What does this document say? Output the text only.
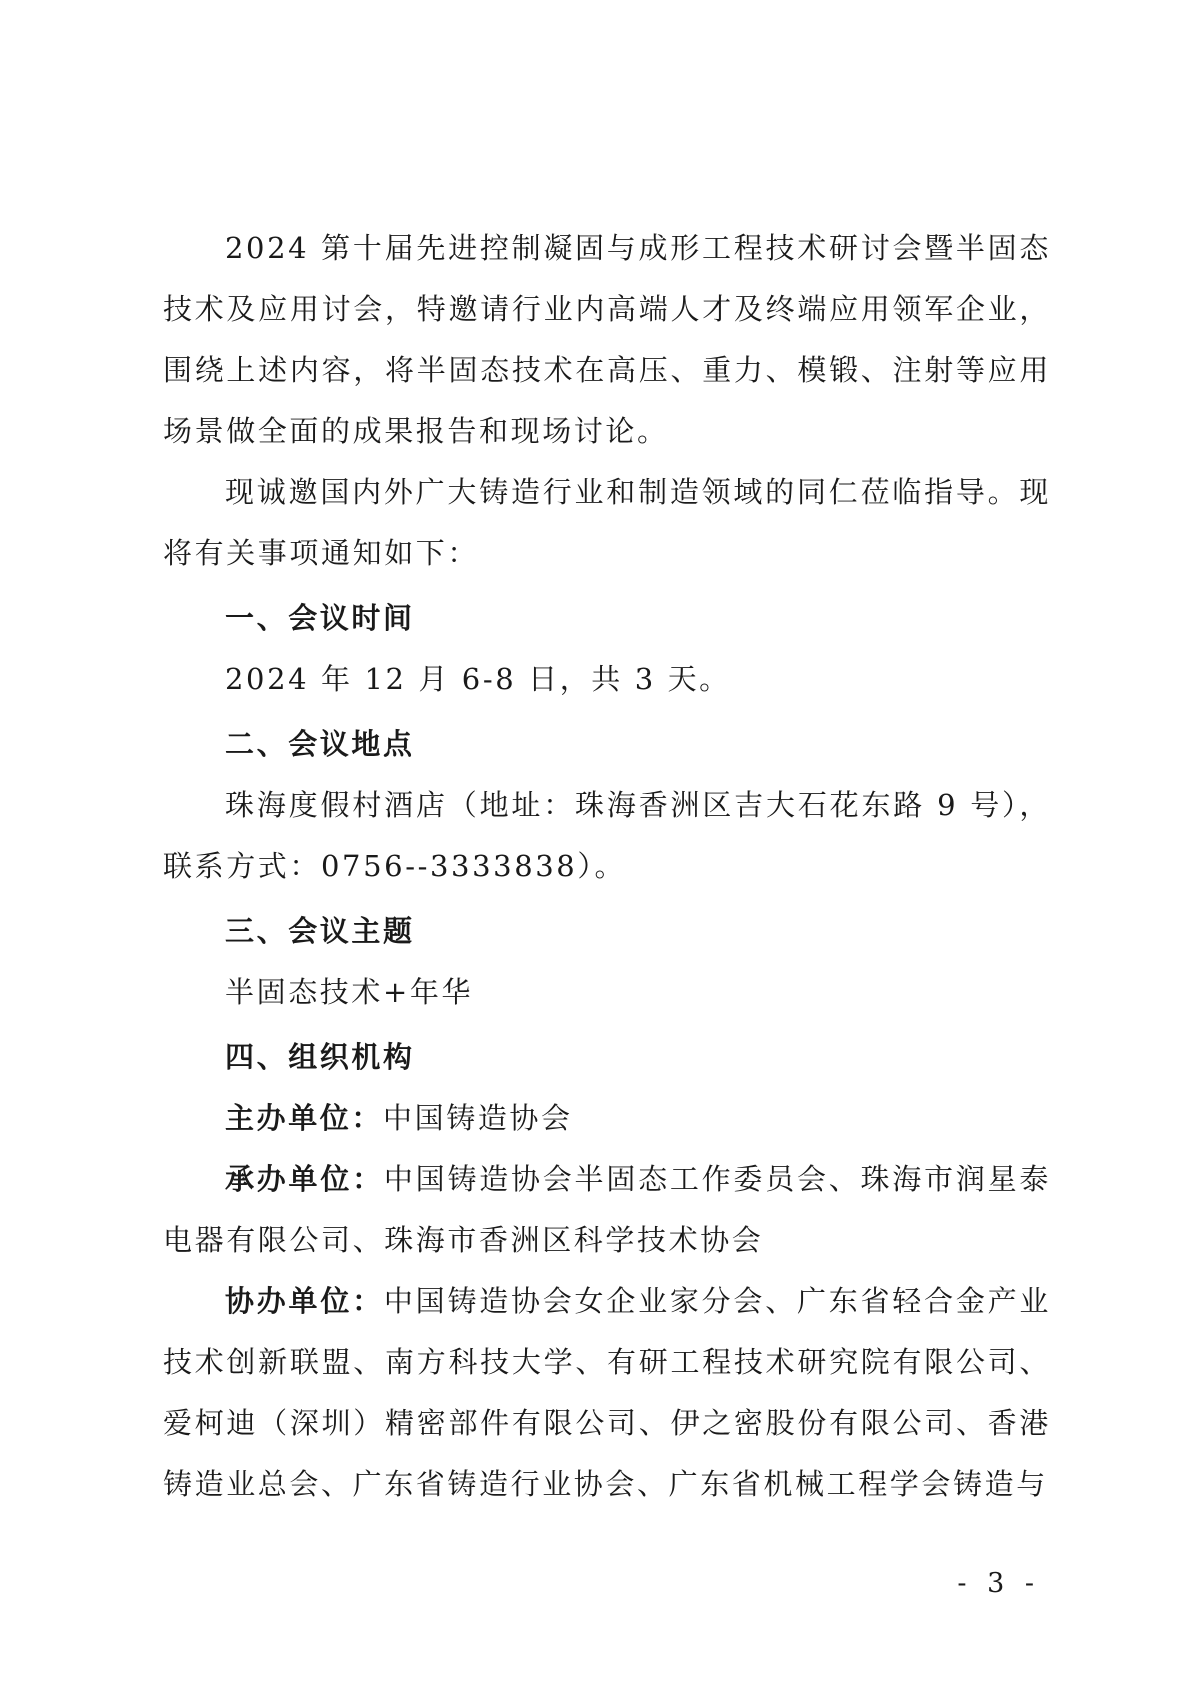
2024 第十届先进控制凝固与成形工程技术研讨会暨半固态技术及应用讨会，特邀请行业内高端人才及终端应用领军企业，围绕上述内容，将半固态技术在高压、重力、模锻、注射等应用场景做全面的成果报告和现场讨论。

现诚邀国内外广大铸造行业和制造领域的同仁莅临指导。现将有关事项通知如下：

一、会议时间

2024 年 12 月 6-8 日，共 3 天。

二、会议地点

珠海度假村酒店（地址：珠海香洲区吉大石花东路 9 号），联系方式：0756--3333838）。

三、会议主题

半固态技术+年华

四、组织机构

主办单位：中国铸造协会

承办单位：中国铸造协会半固态工作委员会、珠海市润星泰电器有限公司、珠海市香洲区科学技术协会

协办单位：中国铸造协会女企业家分会、广东省轻合金产业技术创新联盟、南方科技大学、有研工程技术研究院有限公司、爱柯迪（深圳）精密部件有限公司、伊之密股份有限公司、香港铸造业总会、广东省铸造行业协会、广东省机械工程学会铸造与

- 3 -
